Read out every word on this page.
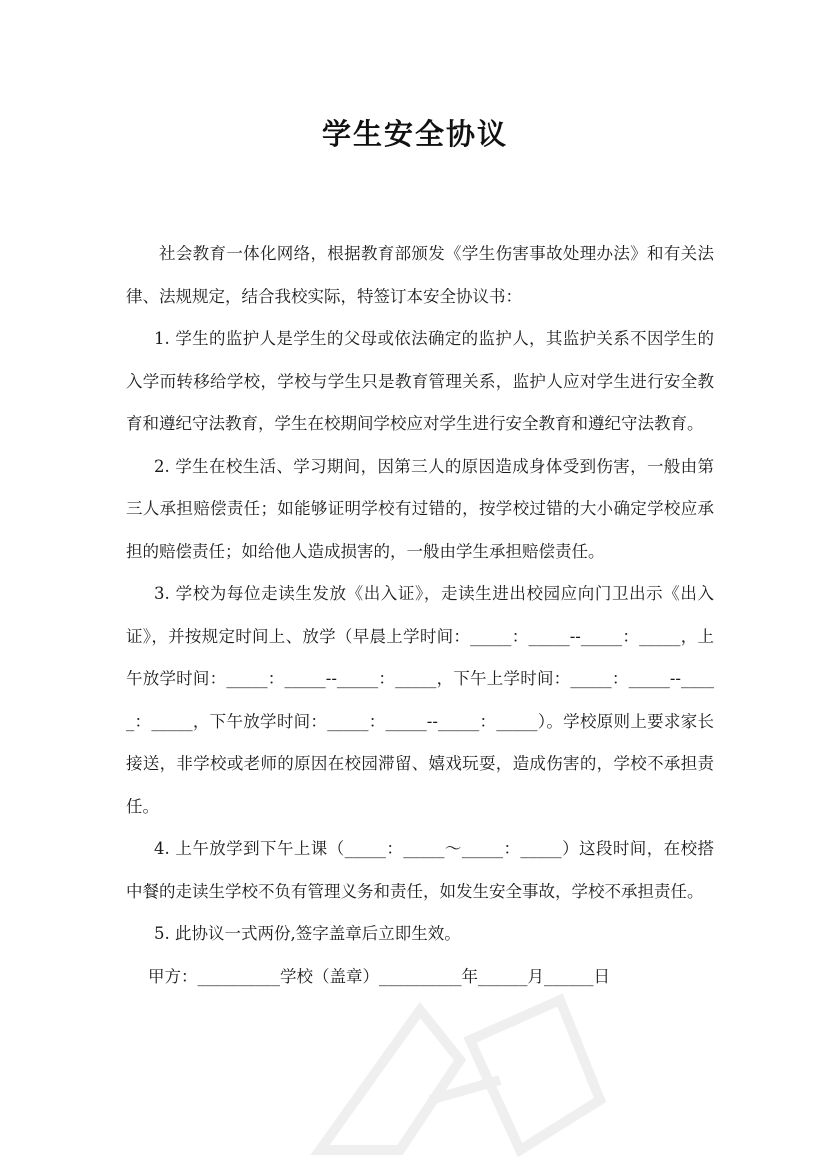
学生安全协议

社会教育一体化网络，根据教育部颁发《学生伤害事故处理办法》和有关法律、法规规定，结合我校实际，特签订本安全协议书：

1. 学生的监护人是学生的父母或依法确定的监护人，其监护关系不因学生的入学而转移给学校，学校与学生只是教育管理关系，监护人应对学生进行安全教育和遵纪守法教育，学生在校期间学校应对学生进行安全教育和遵纪守法教育。

2. 学生在校生活、学习期间，因第三人的原因造成身体受到伤害，一般由第三人承担赔偿责任；如能够证明学校有过错的，按学校过错的大小确定学校应承担的赔偿责任；如给他人造成损害的，一般由学生承担赔偿责任。

3. 学校为每位走读生发放《出入证》，走读生进出校园应向门卫出示《出入证》，并按规定时间上、放学（早晨上学时间：_____：_____--_____：_____，上午放学时间：_____：_____--_____：_____，下午上学时间：_____：_____--_____：_____，下午放学时间：_____：_____--_____：_____）。学校原则上要求家长接送，非学校或老师的原因在校园滞留、嬉戏玩耍，造成伤害的，学校不承担责任。

4. 上午放学到下午上课（_____：_____～_____：_____）这段时间，在校搭中餐的走读生学校不负有管理义务和责任，如发生安全事故，学校不承担责任。

5. 此协议一式两份,签字盖章后立即生效。

甲方：__________学校（盖章）__________年______月______日
